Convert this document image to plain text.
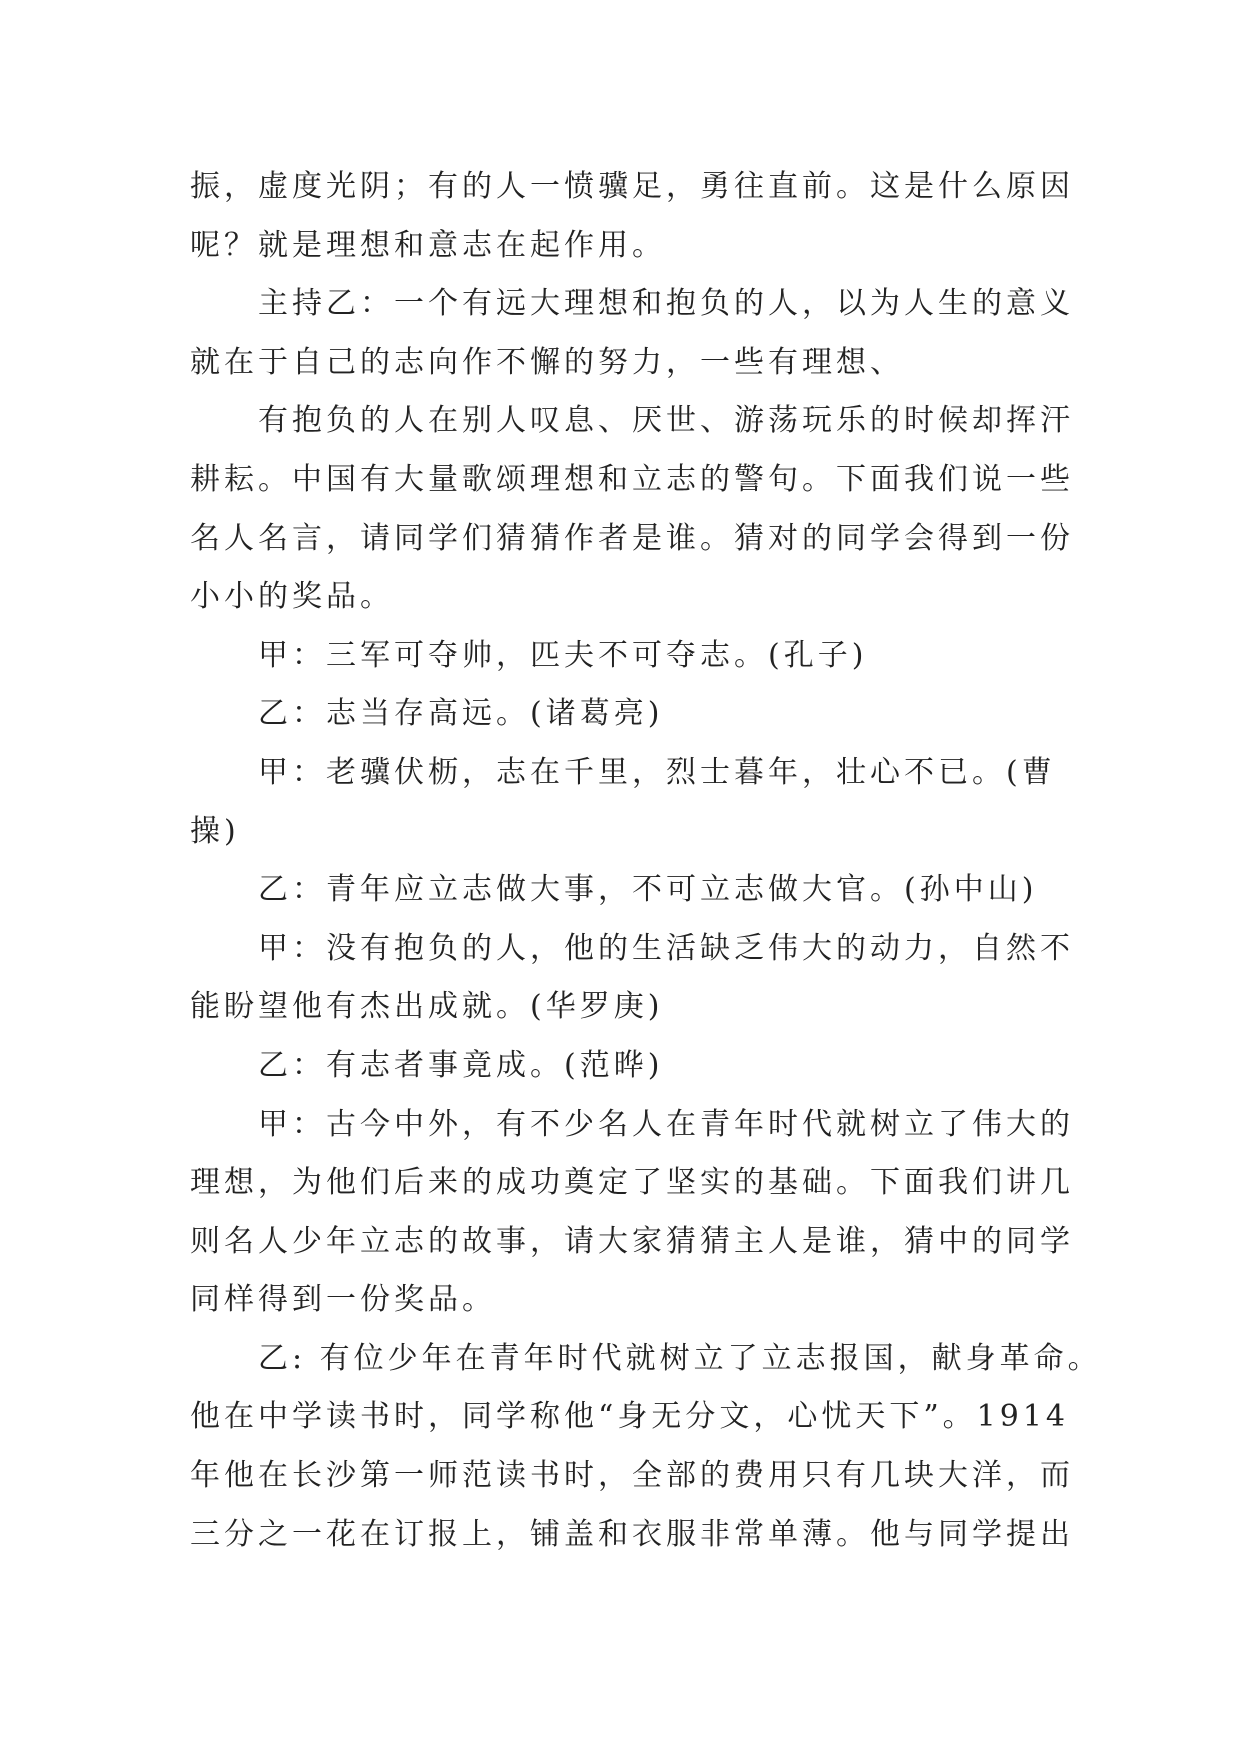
振，虚度光阴；有的人一愤骥足，勇往直前。这是什么原因
呢？就是理想和意志在起作用。
主持乙：一个有远大理想和抱负的人，以为人生的意义
就在于自己的志向作不懈的努力，一些有理想、
有抱负的人在别人叹息、厌世、游荡玩乐的时候却挥汗
耕耘。中国有大量歌颂理想和立志的警句。下面我们说一些
名人名言，请同学们猜猜作者是谁。猜对的同学会得到一份
小小的奖品。
甲：三军可夺帅，匹夫不可夺志。(孔子)
乙：志当存高远。(诸葛亮)
甲：老骥伏枥，志在千里，烈士暮年，壮心不已。(曹
操)
乙：青年应立志做大事，不可立志做大官。(孙中山)
甲：没有抱负的人，他的生活缺乏伟大的动力，自然不
能盼望他有杰出成就。(华罗庚)
乙：有志者事竟成。(范晔)
甲：古今中外，有不少名人在青年时代就树立了伟大的
理想，为他们后来的成功奠定了坚实的基础。下面我们讲几
则名人少年立志的故事，请大家猜猜主人是谁，猜中的同学
同样得到一份奖品。
乙: 有位少年在青年时代就树立了立志报国，献身革命。
他在中学读书时，同学称他“身无分文，心忧天下”。1914
年他在长沙第一师范读书时，全部的费用只有几块大洋，而
三分之一花在订报上，铺盖和衣服非常单薄。他与同学提出
